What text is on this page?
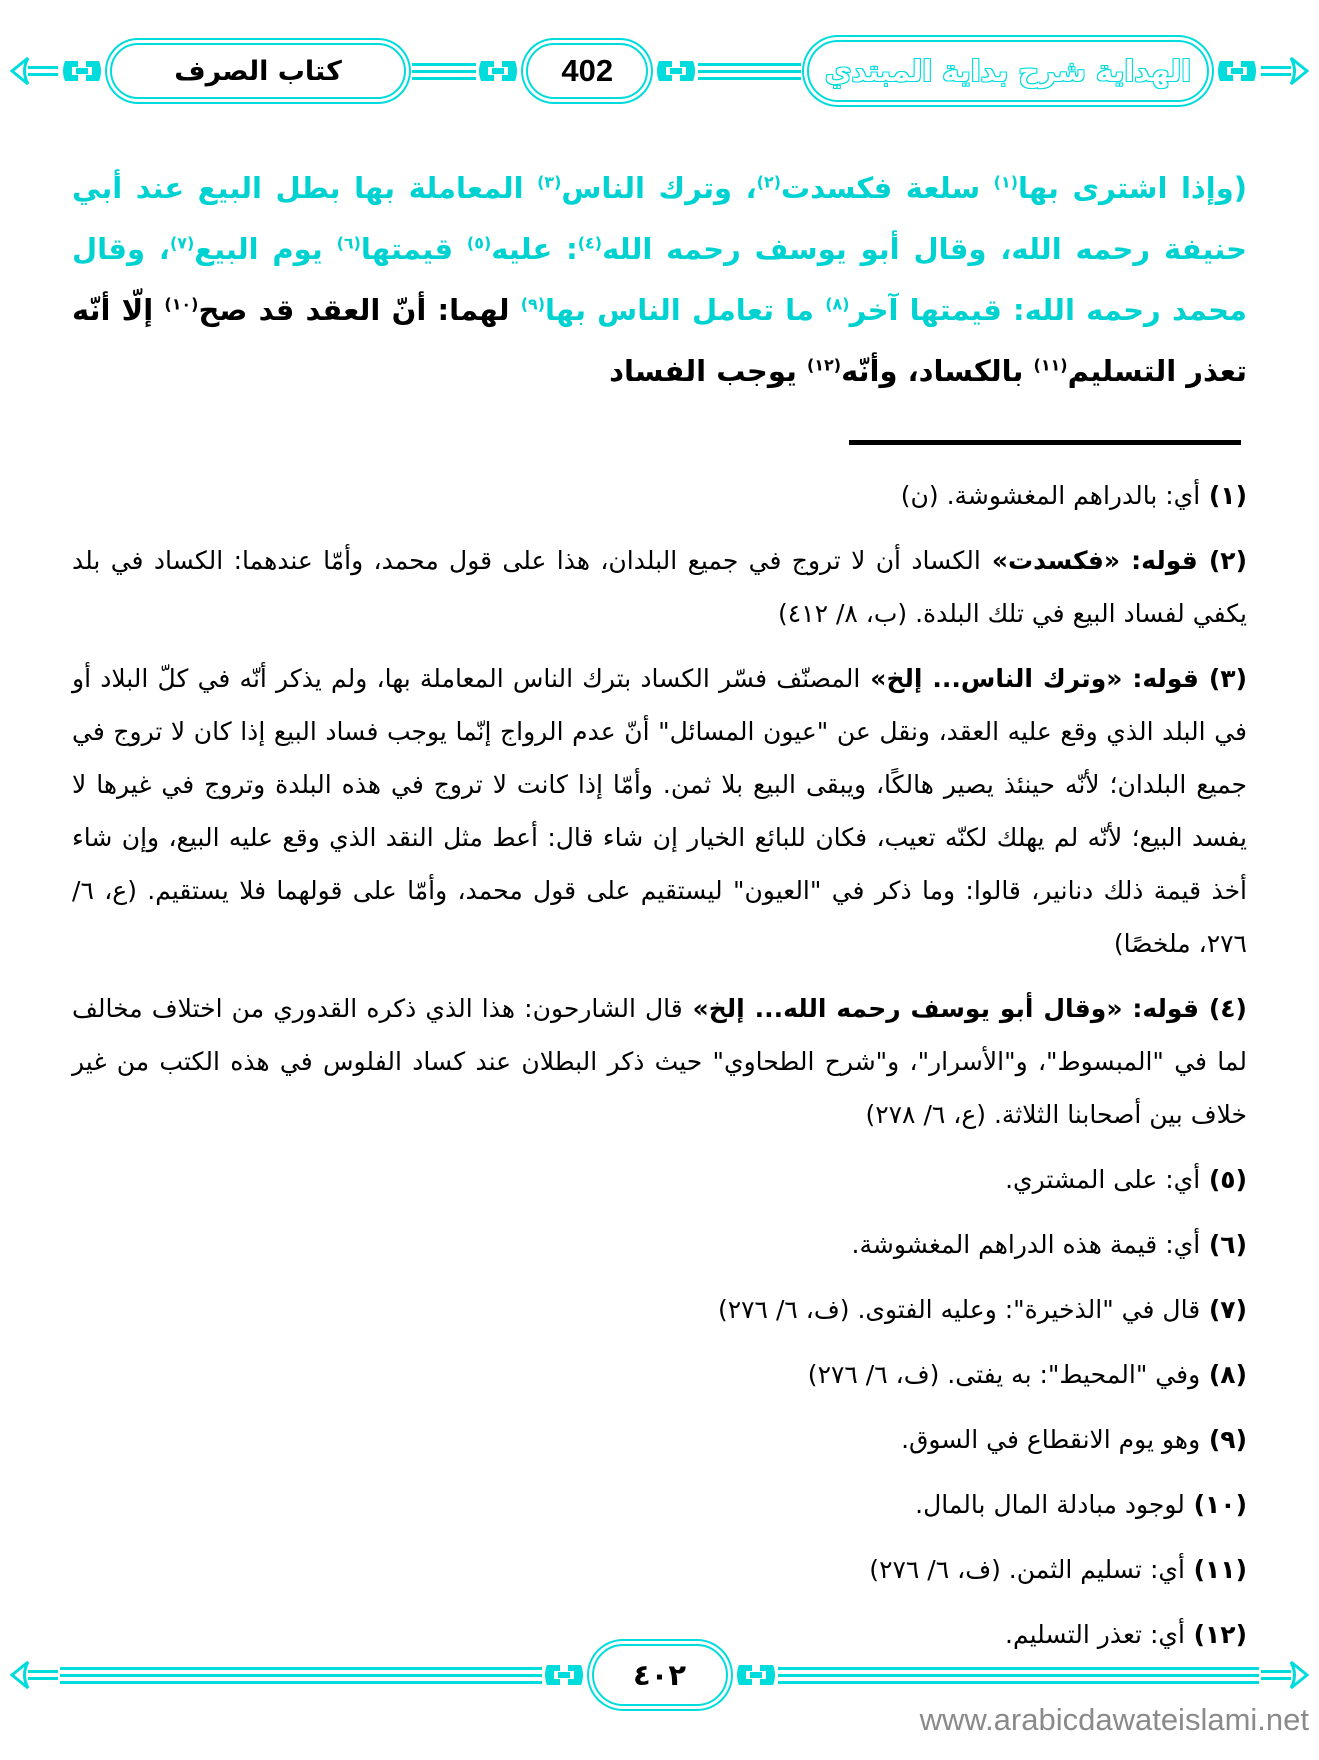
كتاب الصرف	402	الهداية شرح بداية المبتدي

(وإذا اشترى بها$^{(١)}$ سلعة فكسدت$^{(٢)}$، وترك الناس$^{(٣)}$ المعاملة بها بطل البيع عند أبي حنيفة رحمه الله، وقال أبو يوسف رحمه الله$^{(٤)}$: عليه$^{(٥)}$ قيمتها$^{(٦)}$ يوم البيع$^{(٧)}$، وقال محمد رحمه الله: قيمتها آخر$^{(٨)}$ ما تعامل الناس بها$^{(٩)}$ لهما: أنّ العقد قد صح$^{(١٠)}$ إلّا أنّه تعذر التسليم$^{(١١)}$ بالكساد، وأنّه$^{(١٢)}$ يوجب الفساد

(١) أي: بالدراهم المغشوشة. (ن)

(٢) قوله: «فكسدت» الكساد أن لا تروج في جميع البلدان، هذا على قول محمد، وأمّا عندهما: الكساد في بلد يكفي لفساد البيع في تلك البلدة. (ب، ٨/ ٤١٢)

(٣) قوله: «وترك الناس... إلخ» المصنّف فسّر الكساد بترك الناس المعاملة بها، ولم يذكر أنّه في كلّ البلاد أو في البلد الذي وقع عليه العقد، ونقل عن "عيون المسائل" أنّ عدم الرواج إنّما يوجب فساد البيع إذا كان لا تروج في جميع البلدان؛ لأنّه حينئذ يصير هالكًا، ويبقى البيع بلا ثمن. وأمّا إذا كانت لا تروج في هذه البلدة وتروج في غيرها لا يفسد البيع؛ لأنّه لم يهلك لكنّه تعيب، فكان للبائع الخيار إن شاء قال: أعط مثل النقد الذي وقع عليه البيع، وإن شاء أخذ قيمة ذلك دنانير، قالوا: وما ذكر في "العيون" ليستقيم على قول محمد، وأمّا على قولهما فلا يستقيم. (ع، ٦/ ٢٧٦، ملخصًا)

(٤) قوله: «وقال أبو يوسف رحمه الله... إلخ» قال الشارحون: هذا الذي ذكره القدوري من اختلاف مخالف لما في "المبسوط"، و"الأسرار"، و"شرح الطحاوي" حيث ذكر البطلان عند كساد الفلوس في هذه الكتب من غير خلاف بين أصحابنا الثلاثة. (ع، ٦/ ٢٧٨)

(٥) أي: على المشتري.

(٦) أي: قيمة هذه الدراهم المغشوشة.

(٧) قال في "الذخيرة": وعليه الفتوى. (ف، ٦/ ٢٧٦)

(٨) وفي "المحيط": به يفتى. (ف، ٦/ ٢٧٦)

(٩) وهو يوم الانقطاع في السوق.

(١٠) لوجود مبادلة المال بالمال.

(١١) أي: تسليم الثمن. (ف، ٦/ ٢٧٦)

(١٢) أي: تعذر التسليم.

٤٠٢
www.arabicdawateislami.net
